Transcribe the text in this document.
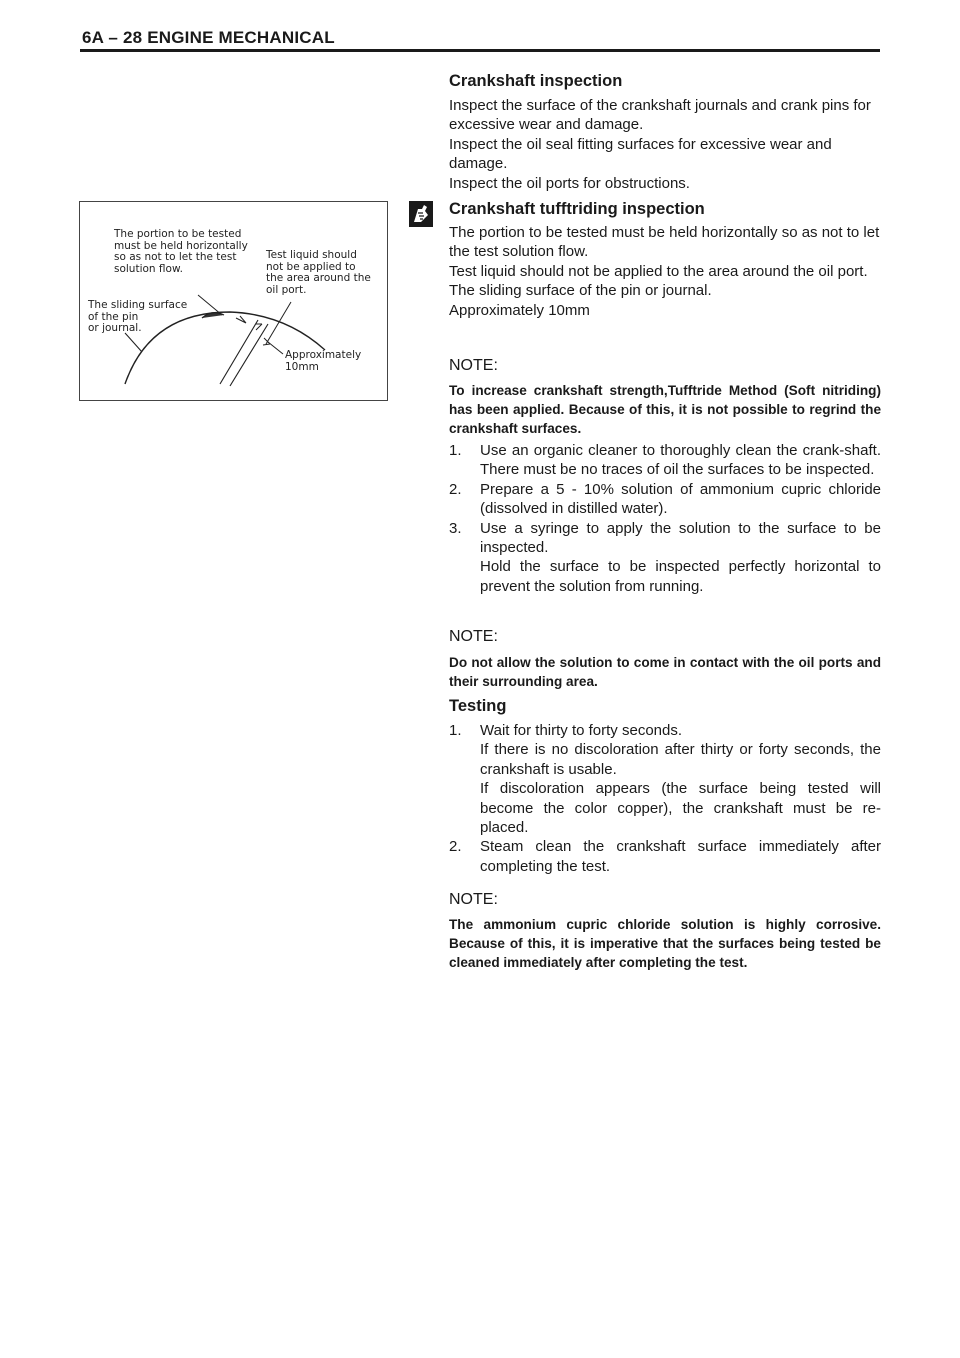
6A – 28 ENGINE MECHANICAL
The portion to be tested
must be held horizontally
so as not to let the test
solution flow.
Test liquid should
not be applied to
the area around the
oil port.
The sliding surface
of the pin
or journal.
Approximately
10mm
Crankshaft inspection

Inspect the surface of the crankshaft journals and crank pins for excessive wear and damage.

Inspect the oil seal fitting surfaces for excessive wear and damage.

Inspect the oil ports for obstructions.

Crankshaft tufftriding inspection

The portion to be tested must be held horizontally so as not to let the test solution flow.

Test liquid should not be applied to the area around the oil port.

The sliding surface of the pin or journal.

Approximately 10mm

NOTE:
To increase crankshaft strength,Tufftride Method (Soft nitriding) has been applied. Because of this, it is not possible to regrind the crankshaft surfaces.
1. Use an organic cleaner to thoroughly clean the crank-shaft. There must be no traces of oil the surfaces to be inspected.

2. Prepare a 5 - 10% solution of ammonium cupric chloride (dissolved in distilled water).

3. Use a syringe to apply the solution to the surface to be inspected.

Hold the surface to be inspected perfectly horizontal to prevent the solution from running.

NOTE:
Do not allow the solution to come in contact with the oil ports and their surrounding area.
Testing
1. Wait for thirty to forty seconds.

If there is no discoloration after thirty or forty seconds, the crankshaft is usable.

If discoloration appears (the surface being tested will become the color copper), the crankshaft must be re-placed.

2. Steam clean the crankshaft surface immediately after completing the test.

NOTE:
The ammonium cupric chloride solution is highly corrosive. Because of this, it is imperative that the surfaces being tested be cleaned immediately after completing the test.
